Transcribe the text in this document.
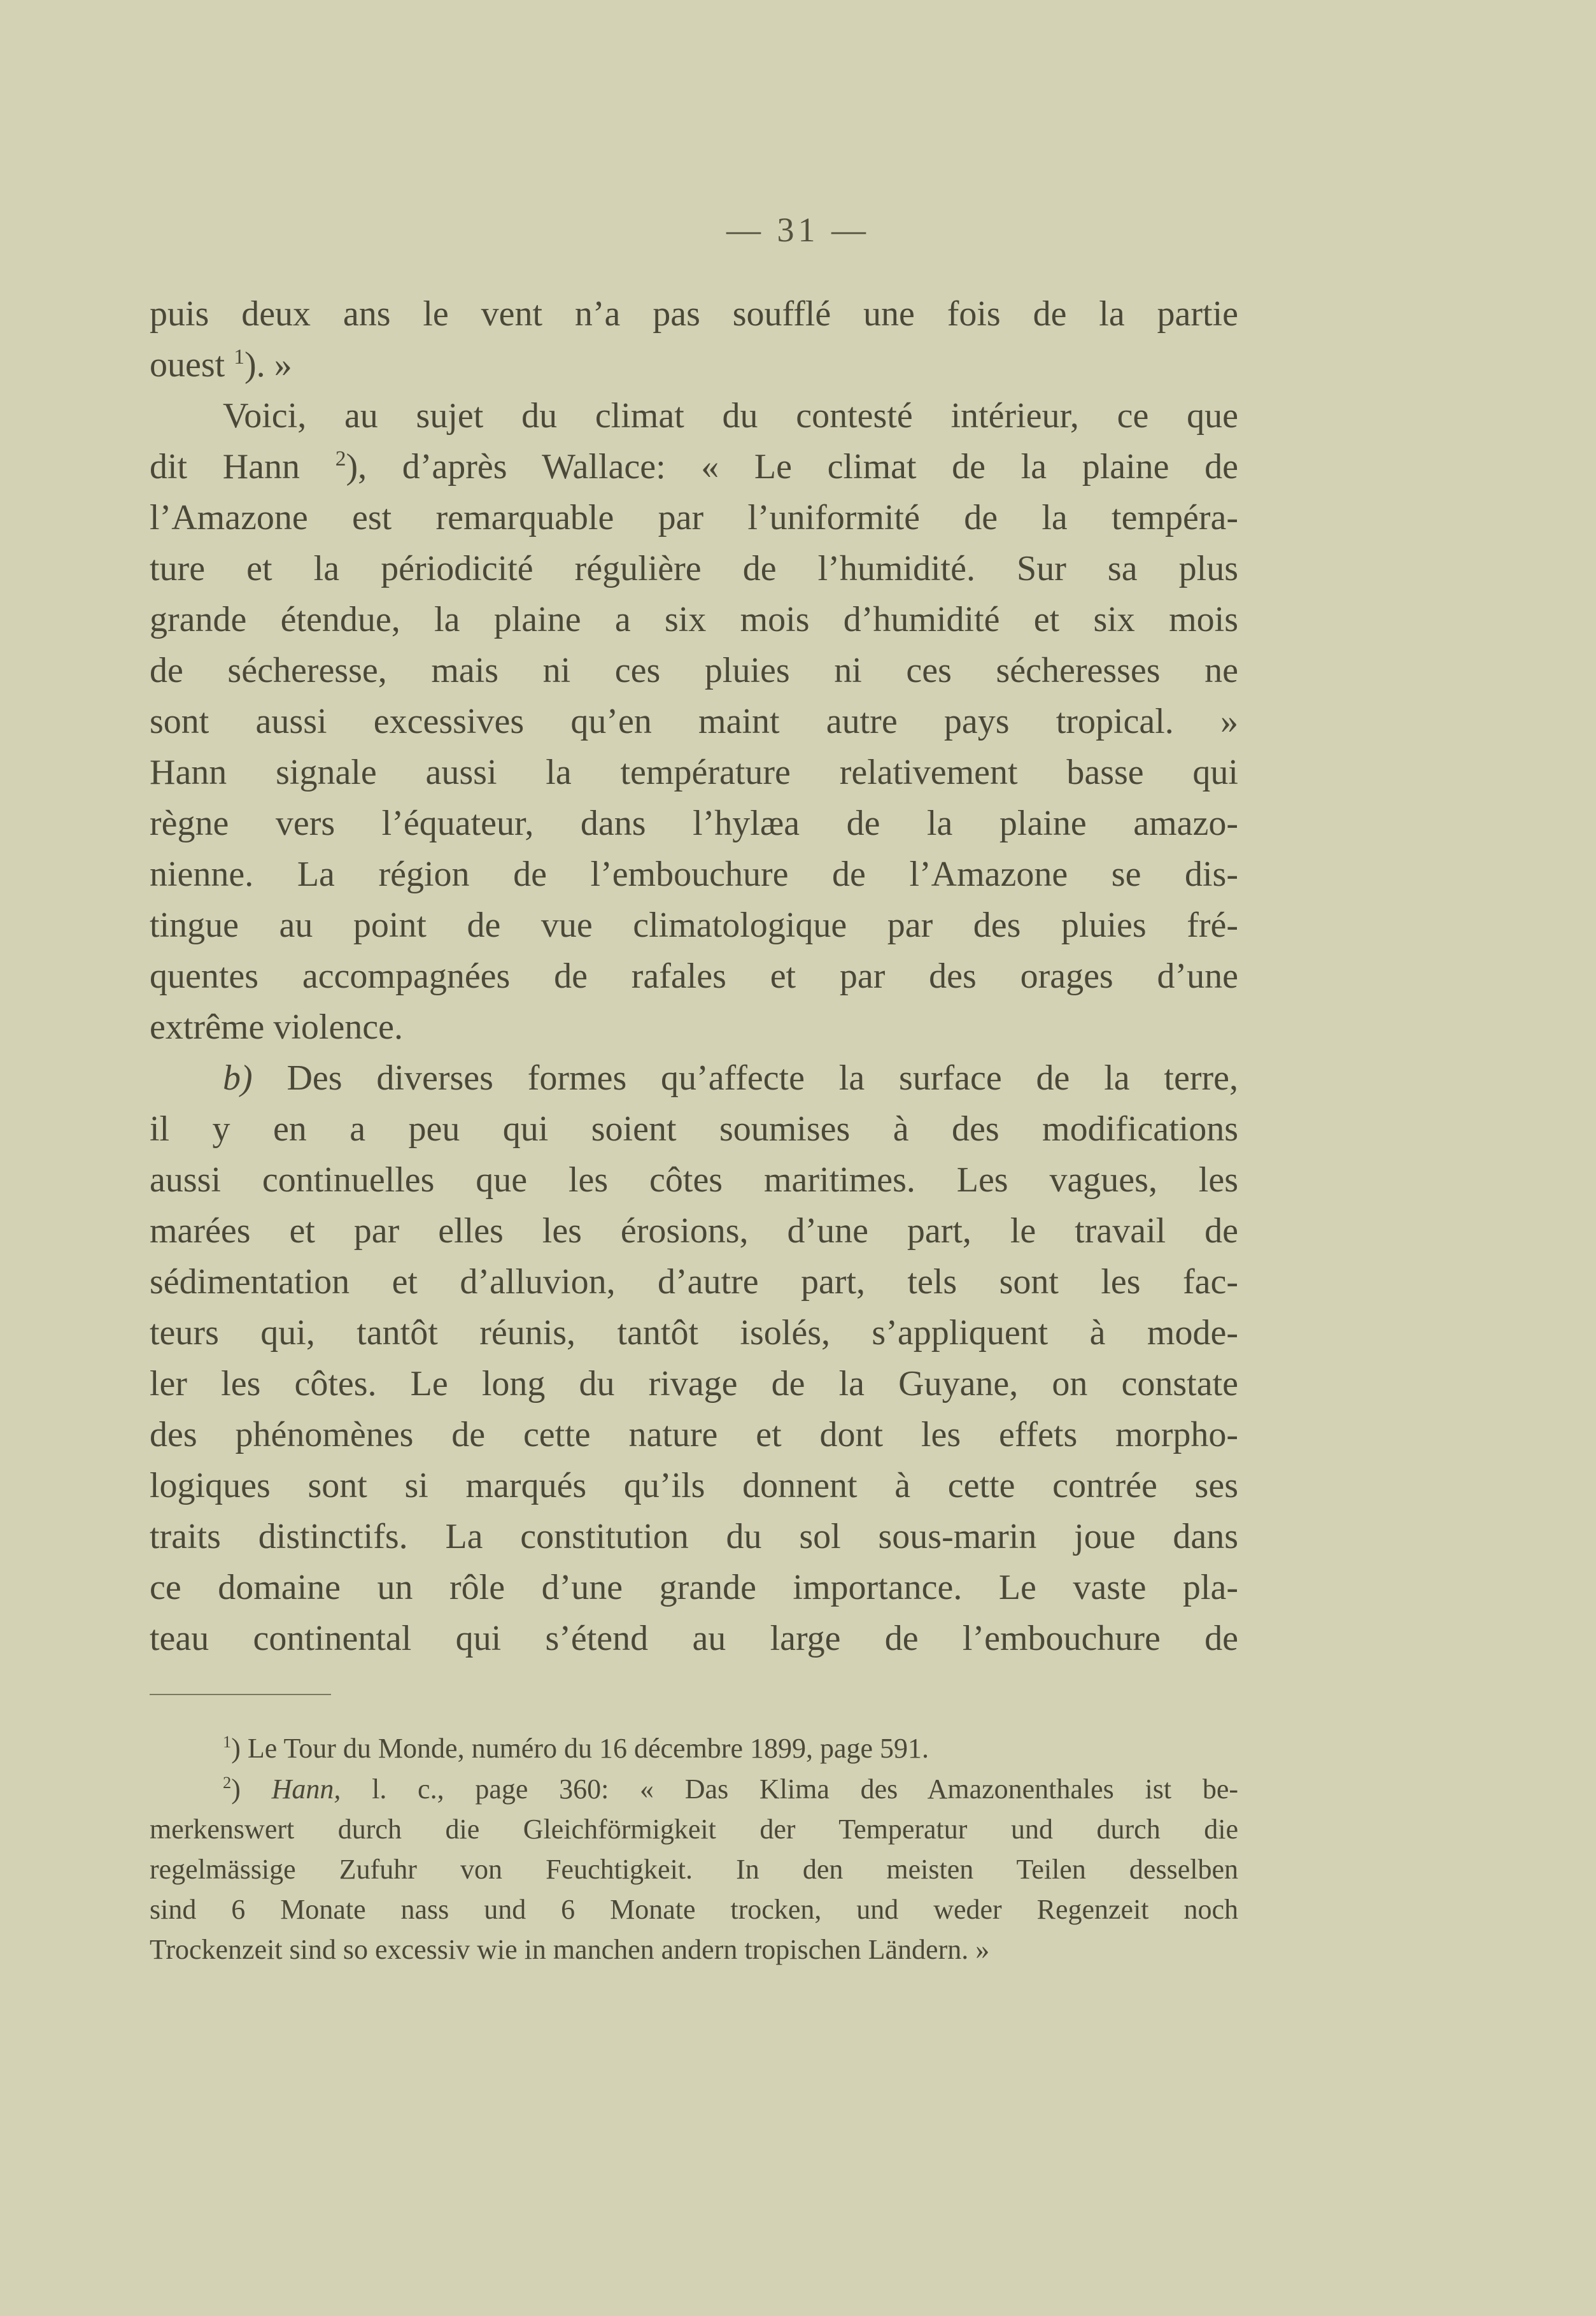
— 31 —
puis deux ans le vent n’a pas soufflé une fois de la partie
ouest $^1$). »
Voici, au sujet du climat du contesté intérieur, ce que
dit Hann $^2$), d’après Wallace: « Le climat de la plaine de
l’Amazone est remarquable par l’uniformité de la tempéra-
ture et la périodicité régulière de l’humidité. Sur sa plus
grande étendue, la plaine a six mois d’humidité et six mois
de sécheresse, mais ni ces pluies ni ces sécheresses ne
sont aussi excessives qu’en maint autre pays tropical. »
Hann signale aussi la température relativement basse qui
règne vers l’équateur, dans l’hylæa de la plaine amazo-
nienne. La région de l’embouchure de l’Amazone se dis-
tingue au point de vue climatologique par des pluies fré-
quentes accompagnées de rafales et par des orages d’une
extrême violence.
b) Des diverses formes qu’affecte la surface de la terre,
il y en a peu qui soient soumises à des modifications
aussi continuelles que les côtes maritimes. Les vagues, les
marées et par elles les érosions, d’une part, le travail de
sédimentation et d’alluvion, d’autre part, tels sont les fac-
teurs qui, tantôt réunis, tantôt isolés, s’appliquent à mode-
ler les côtes. Le long du rivage de la Guyane, on constate
des phénomènes de cette nature et dont les effets morpho-
logiques sont si marqués qu’ils donnent à cette contrée ses
traits distinctifs. La constitution du sol sous-marin joue dans
ce domaine un rôle d’une grande importance. Le vaste pla-
teau continental qui s’étend au large de l’embouchure de
$^1$) Le Tour du Monde, numéro du 16 décembre 1899, page 591.
$^2$) Hann, l. c., page 360: « Das Klima des Amazonenthales ist be-
merkenswert durch die Gleichförmigkeit der Temperatur und durch die
regelmässige Zufuhr von Feuchtigkeit. In den meisten Teilen desselben
sind 6 Monate nass und 6 Monate trocken, und weder Regenzeit noch
Trockenzeit sind so excessiv wie in manchen andern tropischen Ländern. »
